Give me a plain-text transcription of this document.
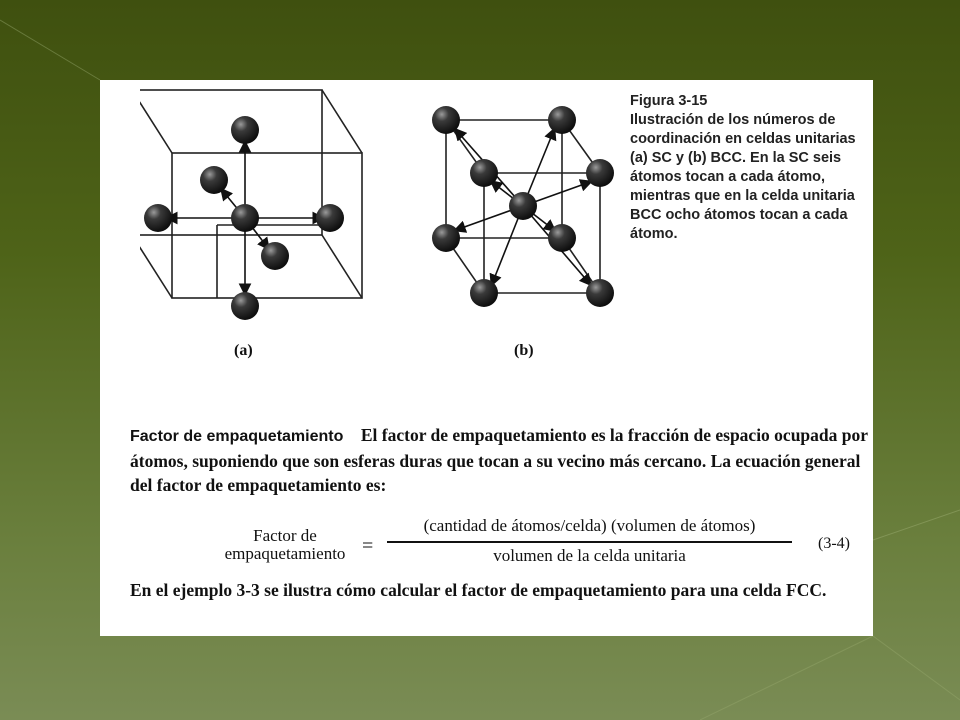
(a)	(b)
Figura 3-15
Ilustración de los números de coordinación en celdas unitarias (a) SC y (b) BCC. En la SC seis átomos tocan a cada átomo, mientras que en la celda unitaria BCC ocho átomos tocan a cada átomo.
Factor de empaquetamiento El factor de empaquetamiento es la fracción de espacio ocupada por átomos, suponiendo que son esferas duras que tocan a su vecino más cercano. La ecuación general del factor de empaquetamiento es:
Factor de
empaquetamiento =
(cantidad de átomos/celda) (volumen de átomos)
volumen de la celda unitaria
(3-4)
En el ejemplo 3-3 se ilustra cómo calcular el factor de empaquetamiento para una celda FCC.
